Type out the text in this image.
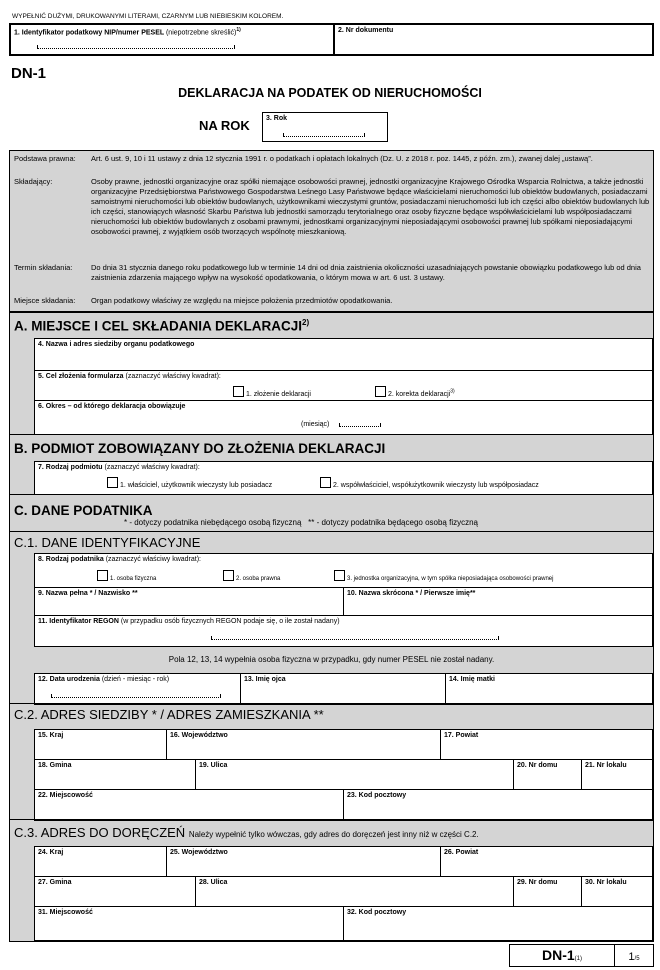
WYPEŁNIĆ DUŻYMI, DRUKOWANYMI LITERAMI, CZARNYM LUB NIEBIESKIM KOLOREM.
1. Identyfikator podatkowy NIP/numer PESEL (niepotrzebne skreślić)$^{1)}$	2. Nr dokumentu
DN-1
DEKLARACJA NA PODATEK OD NIERUCHOMOŚCI
NA ROK 3. Rok
Podstawa prawna:	Art. 6 ust. 9, 10 i 11 ustawy z dnia 12 stycznia 1991 r. o podatkach i opłatach lokalnych (Dz. U. z 2018 r. poz. 1445, z późn. zm.), zwanej dalej „ustawą”.
Składający:	Osoby prawne, jednostki organizacyjne oraz spółki niemające osobowości prawnej, jednostki organizacyjne Krajowego Ośrodka Wsparcia Rolnictwa, a także jednostki organizacyjne Przedsiębiorstwa Państwowego Gospodarstwa Leśnego Lasy Państwowe będące właścicielami nieruchomości lub obiektów budowlanych, posiadaczami samoistnymi nieruchomości lub obiektów budowlanych, użytkownikami wieczystymi gruntów, posiadaczami nieruchomości lub ich części albo obiektów budowlanych lub ich części, stanowiących własność Skarbu Państwa lub jednostki samorządu terytorialnego oraz osoby fizyczne będące współwłaścicielami lub współposiadaczami nieruchomości lub obiektów budowlanych z osobami prawnymi, jednostkami organizacyjnymi nieposiadającymi osobowości prawnej lub spółkami nieposiadającymi osobowości prawnej, z wyjątkiem osób tworzących wspólnotę mieszkaniową.
Termin składania:	Do dnia 31 stycznia danego roku podatkowego lub w terminie 14 dni od dnia zaistnienia okoliczności uzasadniających powstanie obowiązku podatkowego lub od dnia zaistnienia zdarzenia mającego wpływ na wysokość opodatkowania, o którym mowa w art. 6 ust. 3 ustawy.
Miejsce składania:	Organ podatkowy właściwy ze względu na miejsce położenia przedmiotów opodatkowania.
A. MIEJSCE I CEL SKŁADANIA DEKLARACJI$^{2)}$
4. Nazwa i adres siedziby organu podatkowego
5. Cel złożenia formularza (zaznaczyć właściwy kwadrat):
1. złożenie deklaracji	2. korekta deklaracji$^{3)}$
6. Okres – od którego deklaracja obowiązuje
(miesiąc)
B. PODMIOT ZOBOWIĄZANY DO ZŁOŻENIA DEKLARACJI
7. Rodzaj podmiotu (zaznaczyć właściwy kwadrat):
1. właściciel, użytkownik wieczysty lub posiadacz	2. współwłaściciel, współużytkownik wieczysty lub współposiadacz
C. DANE PODATNIKA
* - dotyczy podatnika niebędącego osobą fizyczną   ** - dotyczy podatnika będącego osobą fizyczną
C.1. DANE IDENTYFIKACYJNE
8. Rodzaj podatnika (zaznaczyć właściwy kwadrat):
1. osoba fizyczna	2. osoba prawna	3. jednostka organizacyjna, w tym spółka nieposiadająca osobowości prawnej
9. Nazwa pełna * / Nazwisko **	10. Nazwa skrócona * / Pierwsze imię**
11. Identyfikator REGON (w przypadku osób fizycznych REGON podaje się, o ile został nadany)
Pola 12, 13, 14 wypełnia osoba fizyczna w przypadku, gdy numer PESEL nie został nadany.
12. Data urodzenia (dzień - miesiąc - rok)	13. Imię ojca	14. Imię matki
C.2. ADRES SIEDZIBY * / ADRES ZAMIESZKANIA **
15. Kraj	16. Województwo	17. Powiat
18. Gmina	19. Ulica	20. Nr domu	21. Nr lokalu
22. Miejscowość	23. Kod pocztowy
C.3. ADRES DO DORĘCZEŃ Należy wypełnić tylko wówczas, gdy adres do doręczeń jest inny niż w części C.2.
24. Kraj	25. Województwo	26. Powiat
27. Gmina	28. Ulica	29. Nr domu	30. Nr lokalu
31. Miejscowość	32. Kod pocztowy
DN-1(1)	1/5
